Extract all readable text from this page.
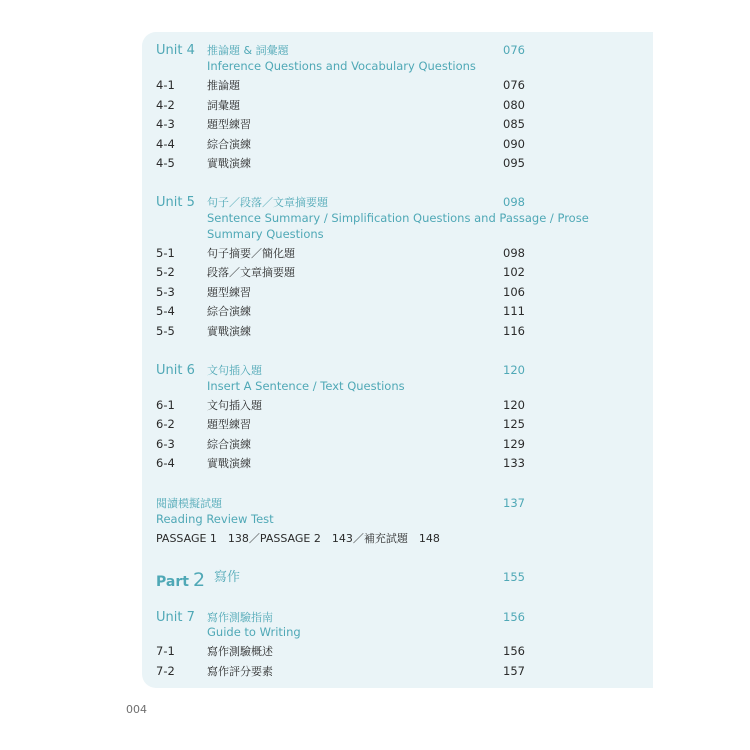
Unit 4 推論題 & 詞彙題	076
Inference Questions and Vocabulary Questions
4-1	推論題	076
4-2	詞彙題	080
4-3	題型練習	085
4-4	綜合演練	090
4-5	實戰演練	095
Unit 5 句子／段落／文章摘要題	098
Sentence Summary / Simplification Questions and Passage / Prose
Summary Questions
5-1	句子摘要／簡化題	098
5-2	段落／文章摘要題	102
5-3	題型練習	106
5-4	綜合演練	111
5-5	實戰演練	116
Unit 6 文句插入題	120
Insert A Sentence / Text Questions
6-1	文句插入題	120
6-2	題型練習	125
6-3	綜合演練	129
6-4	實戰演練	133
閱讀模擬試題	137
Reading Review Test
PASSAGE 1　138／PASSAGE 2　143／補充試題　148
Part 2 寫作	155
Unit 7 寫作測驗指南	156
Guide to Writing
7-1	寫作測驗概述	156
7-2	寫作評分要素	157
004
